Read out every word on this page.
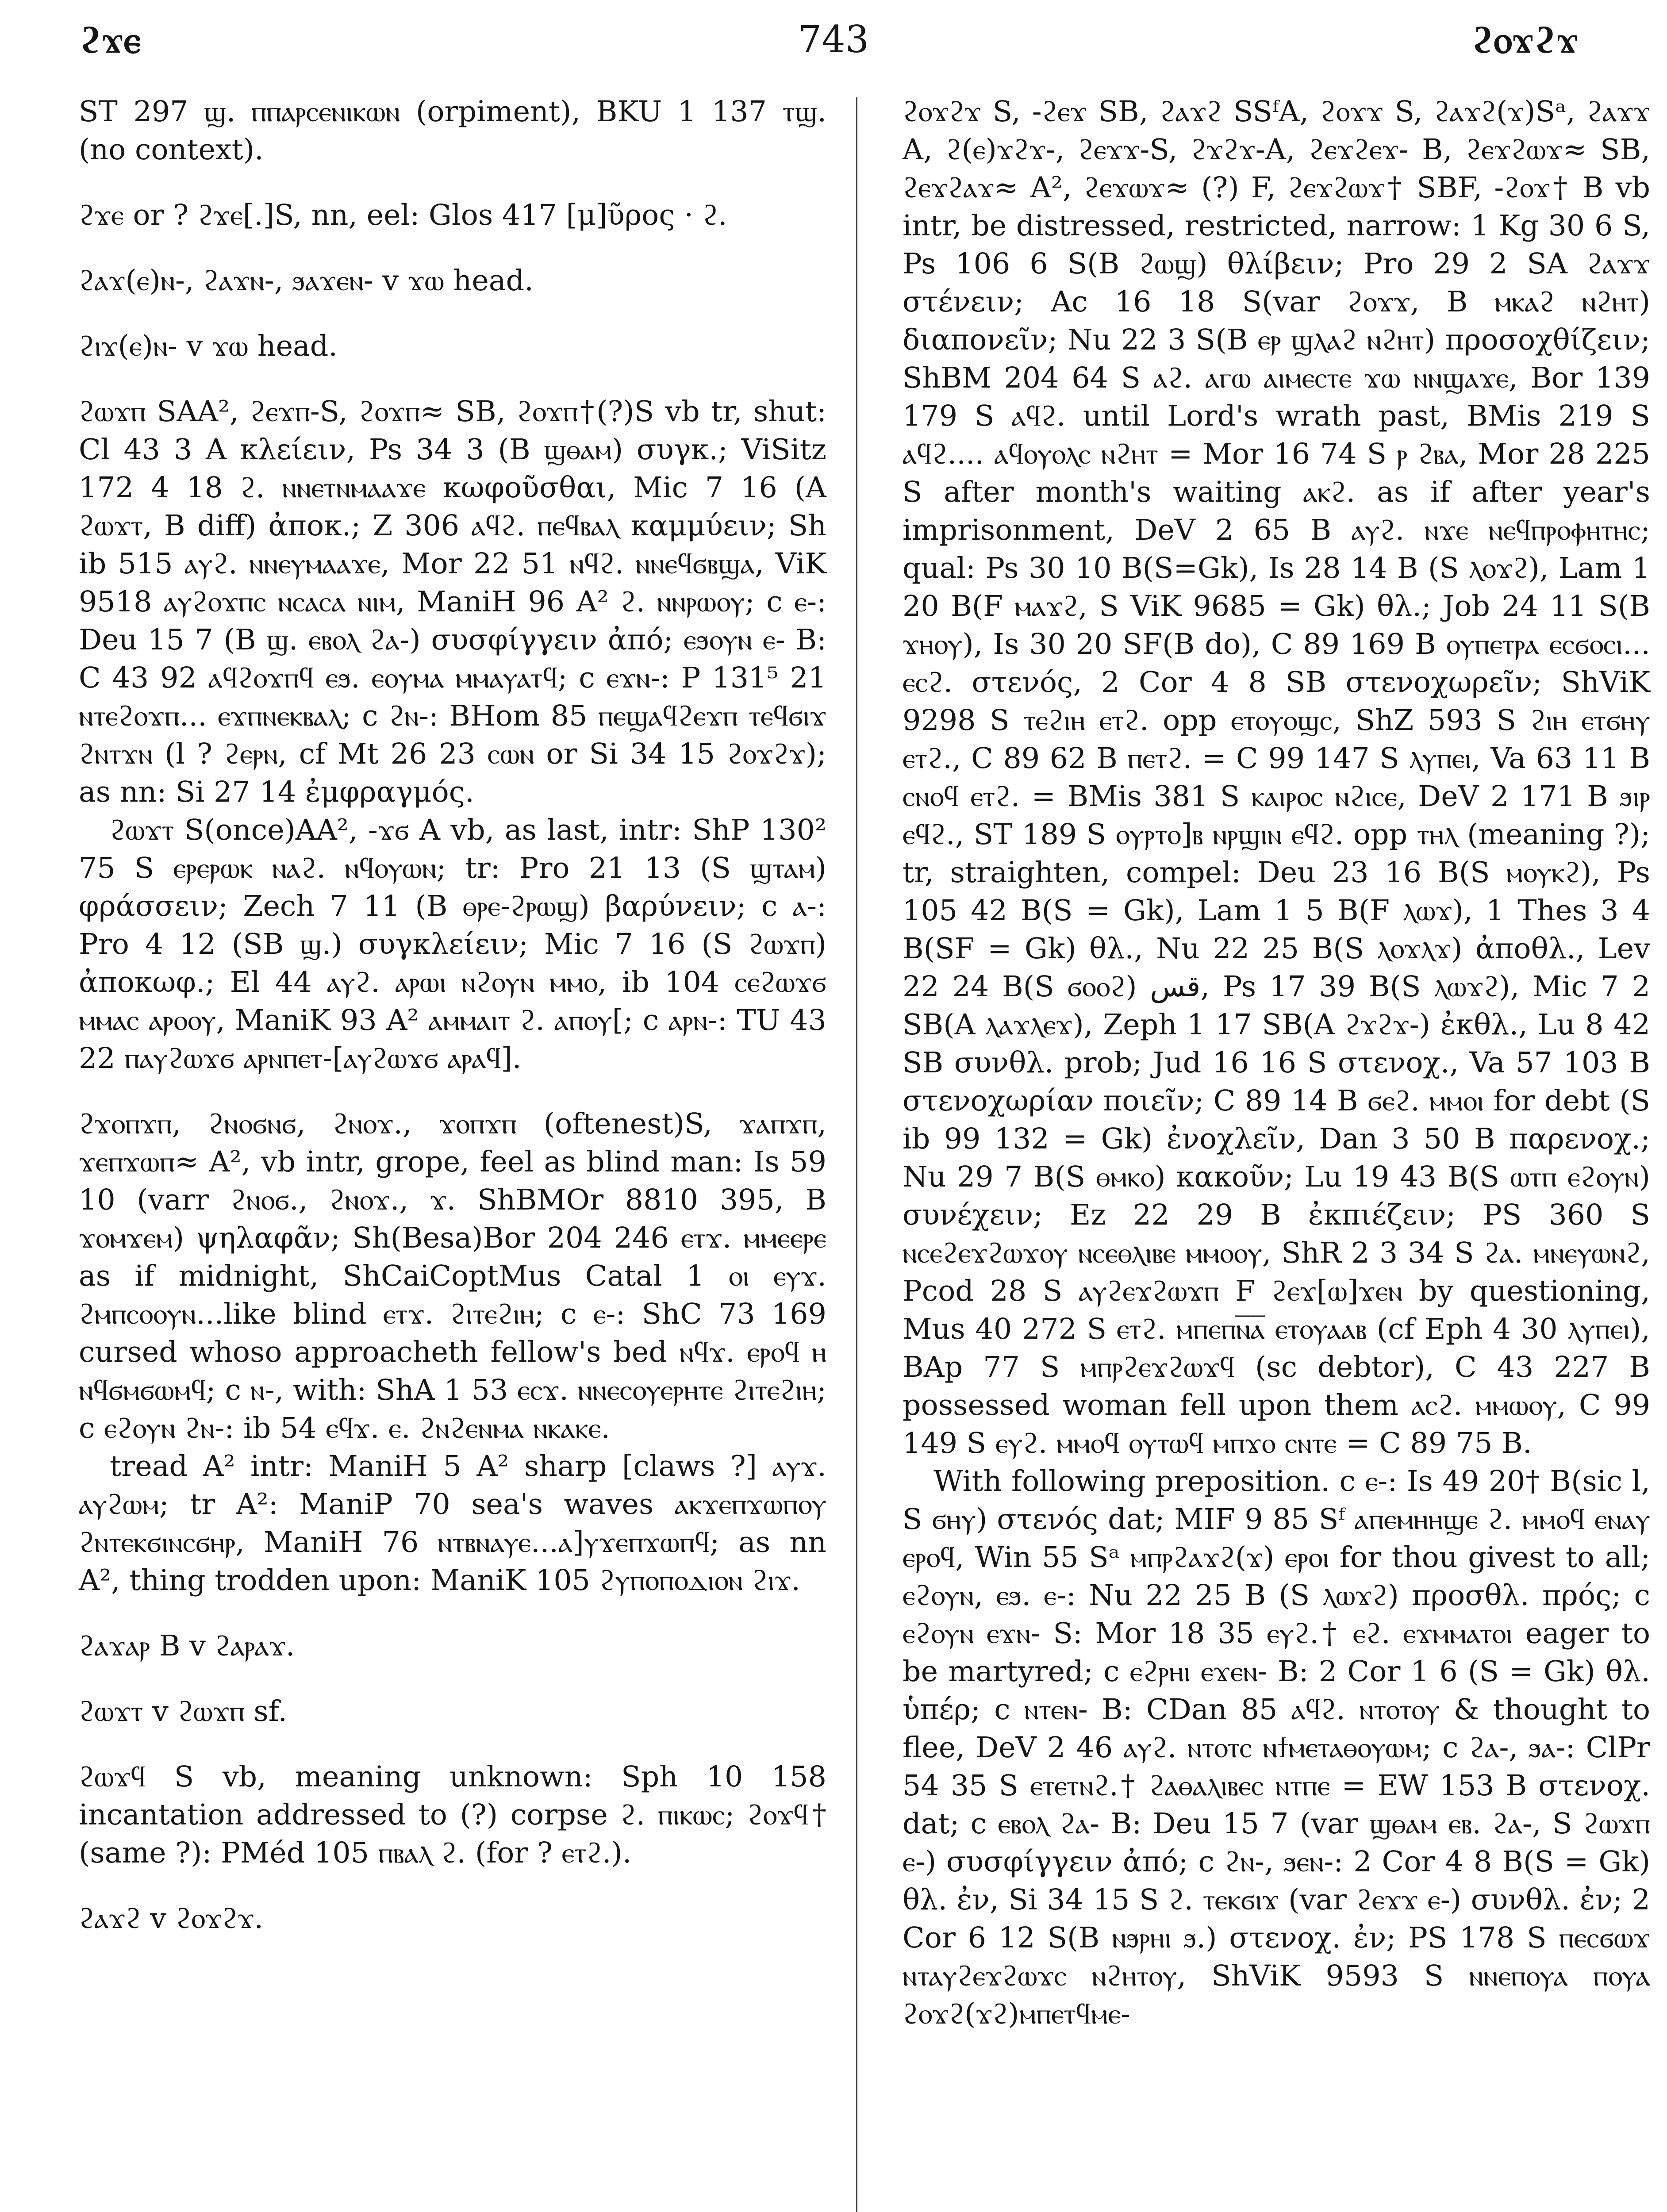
ϩϫⲉ	743	ϩⲟϫϩϫ

ST 297 ϣ. ⲡⲡⲁⲣⲥⲉⲛⲓⲕⲱⲛ (orpiment), BKU 1 137 ⲧϣ. (no context).

ϩϫⲉ or ? ϩϫⲉ[.]S, nn, eel: Glos 417 [μ]ῦρος · ϩ.

ϩⲁϫ(ⲉ)ⲛ-, ϩⲁϫⲛ-, ϧⲁϫⲉⲛ- v ϫⲱ head.

ϩⲓϫ(ⲉ)ⲛ- v ϫⲱ head.

ϩⲱϫⲡ SAA², ϩⲉϫⲡ-S, ϩⲟϫⲡ≈ SB, ϩⲟϫⲡ†(?)S vb tr, shut: Cl 43 3 A κλείειν, Ps 34 3 (B ϣⲑⲁⲙ) συγκ.; ViSitz 172 4 18 ϩ. ⲛⲛⲉⲧⲛⲙⲁⲁϫⲉ κωφοῦσθαι, Mic 7 16 (A ϩⲱϫⲧ, B diff) ἀποκ.; Z 306 ⲁϥϩ. ⲡⲉϥⲃⲁⲗ καμμύειν; Sh ib 515 ⲁⲩϩ. ⲛⲛⲉⲩⲙⲁⲁϫⲉ, Mor 22 51 ⲛϥϩ. ⲛⲛⲉϥϭⲃϣⲁ, ViK 9518 ⲁⲩϩⲟϫⲡⲥ ⲛⲥⲁⲥⲁ ⲛⲓⲙ, ManiH 96 A² ϩ. ⲛⲛⲣⲱⲟⲩ; c ⲉ-: Deu 15 7 (B ϣ. ⲉⲃⲟⲗ ϩⲁ-) συσφίγγειν ἀπό; ⲉϧⲟⲩⲛ ⲉ- B: C 43 92 ⲁϥϩⲟϫⲡϥ ⲉϧ. ⲉⲟⲩⲙⲁ ⲙⲙⲁⲩⲁⲧϥ; c ⲉϫⲛ-: P 131⁵ 21 ⲛⲧⲉϩⲟϫⲡ... ⲉϫⲡⲛⲉⲕⲃⲁⲗ; c ϩⲛ-: BHom 85 ⲡⲉϣⲁϥϩⲉϫⲡ ⲧⲉϥϭⲓϫ ϩⲛⲧϫⲛ (l ? ϩⲉⲣⲛ, cf Mt 26 23 ⲥⲱⲛ or Si 34 15 ϩⲟϫϩϫ); as nn: Si 27 14 ἐμφραγμός.

ϩⲱϫⲧ S(once)AA², -ϫϭ A vb, as last, intr: ShP 130² 75 S ⲉⲣⲉⲣⲱⲕ ⲛⲁϩ. ⲛϥⲟⲩⲱⲛ; tr: Pro 21 13 (S ϣⲧⲁⲙ) φράσσειν; Zech 7 11 (B ⲑⲣⲉ-ϩⲣⲱϣ) βαρύνειν; c ⲁ-: Pro 4 12 (SB ϣ.) συγκλείειν; Mic 7 16 (S ϩⲱϫⲡ) ἀποκωφ.; El 44 ⲁⲩϩ. ⲁⲣⲱⲓ ⲛϩⲟⲩⲛ ⲙⲙⲟ, ib 104 ⲥⲉϩⲱϫϭ ⲙⲙⲁⲥ ⲁⲣⲟⲟⲩ, ManiK 93 A² ⲁⲙⲙⲁⲓⲧ ϩ. ⲁⲡⲟⲩ[; c ⲁⲣⲛ-: TU 43 22 ⲡⲁⲩϩⲱϫϭ ⲁⲣⲛⲡⲉⲧ-[ⲁⲩϩⲱϫϭ ⲁⲣⲁϥ].

ϩϫⲟⲡϫⲡ, ϩⲛⲟϭⲛϭ, ϩⲛⲟϫ., ϫⲟⲡϫⲡ (oftenest)S, ϫⲁⲡϫⲡ, ϫⲉⲡϫⲱⲡ≈ A², vb intr, grope, feel as blind man: Is 59 10 (varr ϩⲛⲟϭ., ϩⲛⲟϫ., ϫ. ShBMOr 8810 395, B ϫⲟⲙϫⲉⲙ) ψηλαφᾶν; Sh(Besa)Bor 204 246 ⲉⲧϫ. ⲙⲙⲉⲉⲣⲉ as if midnight, ShCaiCoptMus Catal 1 ⲟⲓ ⲉⲩϫ. ϩⲙⲡⲥⲟⲟⲩⲛ...like blind ⲉⲧϫ. ϩⲓⲧⲉϩⲓⲏ; c ⲉ-: ShC 73 169 cursed whoso approacheth fellow's bed ⲛϥϫ. ⲉⲣⲟϥ ⲏ ⲛϥϭⲙϭⲱⲙϥ; c ⲛ-, with: ShA 1 53 ⲉⲥϫ. ⲛⲛⲉⲥⲟⲩⲉⲣⲏⲧⲉ ϩⲓⲧⲉϩⲓⲏ; c ⲉϩⲟⲩⲛ ϩⲛ-: ib 54 ⲉϥϫ. ⲉ. ϩⲛϩⲉⲛⲙⲁ ⲛⲕⲁⲕⲉ.

tread A² intr: ManiH 5 A² sharp [claws ?] ⲁⲩϫ. ⲁⲩϩⲱⲙ; tr A²: ManiP 70 sea's waves ⲁⲕϫⲉⲡϫⲱⲡⲟⲩ ϩⲛⲧⲉⲕϭⲓⲛⲥϭⲏⲣ, ManiH 76 ⲛⲧⲃⲛⲁⲩⲉ...ⲁ]ⲩϫⲉⲡϫⲱⲡϥ; as nn A², thing trodden upon: ManiK 105 ϩⲩⲡⲟⲡⲟⲇⲓⲟⲛ ϩⲓϫ.

ϩⲁϫⲁⲣ B v ϩⲁⲣⲁϫ.

ϩⲱϫⲧ v ϩⲱϫⲡ sf.

ϩⲱϫϥ S vb, meaning unknown: Sph 10 158 incantation addressed to (?) corpse ϩ. ⲡⲓⲕⲱⲥ; ϩⲟϫϥ† (same ?): PMéd 105 ⲡⲃⲁⲗ ϩ. (for ? ⲉⲧϩ.).

ϩⲁϫϩ v ϩⲟϫϩϫ.

ϩⲟϫϩϫ S, -ϩⲉϫ SB, ϩⲁϫϩ SSᶠA, ϩⲟϫϫ S, ϩⲁϫϩ(ϫ)Sᵃ, ϩⲁϫϫ A, ϩ(ⲉ)ϫϩϫ-, ϩⲉϫϫ-S, ϩϫϩϫ-A, ϩⲉϫϩⲉϫ- B, ϩⲉϫϩⲱϫ≈ SB, ϩⲉϫϩⲁϫ≈ A², ϩⲉϫⲱϫ≈ (?) F, ϩⲉϫϩⲱϫ† SBF, -ϩⲟϫ† B vb intr, be distressed, restricted, narrow: 1 Kg 30 6 S, Ps 106 6 S(B ϩⲱϣ) θλίβειν; Pro 29 2 SA ϩⲁϫϫ στένειν; Ac 16 18 S(var ϩⲟϫϫ, B ⲙⲕⲁϩ ⲛϩⲏⲧ) διαπονεῖν; Nu 22 3 S(B ⲉⲣ ϣⲗⲁϩ ⲛϩⲏⲧ) προσοχθίζειν; ShBM 204 64 S ⲁϩ. ⲁⲅⲱ ⲁⲓⲙⲉⲥⲧⲉ ϫⲱ ⲛⲛϣⲁϫⲉ, Bor 139 179 S ⲁϥϩ. until Lord's wrath past, BMis 219 S ⲁϥϩ.... ⲁϥⲟⲩⲟⲗⲥ ⲛϩⲏⲧ = Mor 16 74 S ⲣ ϩⲃⲁ, Mor 28 225 S after month's waiting ⲁⲕϩ. as if after year's imprisonment, DeV 2 65 B ⲁⲩϩ. ⲛϫⲉ ⲛⲉϥⲡⲣⲟⲫⲏⲧⲏⲥ; qual: Ps 30 10 B(S=Gk), Is 28 14 B (S ⲗⲟϫϩ), Lam 1 20 B(F ⲙⲁϫϩ, S ViK 9685 = Gk) θλ.; Job 24 11 S(B ϫⲏⲟⲩ), Is 30 20 SF(B do), C 89 169 B ⲟⲩⲡⲉⲧⲣⲁ ⲉⲥϭⲟⲥⲓ... ⲉⲥϩ. στενός, 2 Cor 4 8 SB στενοχωρεῖν; ShViK 9298 S ⲧⲉϩⲓⲏ ⲉⲧϩ. opp ⲉⲧⲟⲩⲟϣⲥ, ShZ 593 S ϩⲓⲏ ⲉⲧϭⲏⲩ ⲉⲧϩ., C 89 62 B ⲡⲉⲧϩ. = C 99 147 S ⲗⲩⲡⲉⲓ, Va 63 11 B ⲥⲛⲟϥ ⲉⲧϩ. = BMis 381 S ⲕⲁⲓⲣⲟⲥ ⲛϩⲓⲥⲉ, DeV 2 171 B ϧⲓⲣ ⲉϥϩ., ST 189 S ⲟⲩⲣⲧⲟ]ⲃ ⲛⲣϣⲓⲛ ⲉϥϩ. opp ⲧⲏⲗ (meaning ?); tr, straighten, compel: Deu 23 16 B(S ⲙⲟⲩⲕϩ), Ps 105 42 B(S = Gk), Lam 1 5 B(F ⲗⲱϫ), 1 Thes 3 4 B(SF = Gk) θλ., Nu 22 25 B(S ⲗⲟϫⲗϫ) ἀποθλ., Lev 22 24 B(S ϭⲟⲟϩ) قس, Ps 17 39 B(S ⲗⲱϫϩ), Mic 7 2 SB(A ⲗⲁϫⲗⲉϫ), Zeph 1 17 SB(A ϩϫϩϫ-) ἐκθλ., Lu 8 42 SB συνθλ. prob; Jud 16 16 S στενοχ., Va 57 103 B στενοχωρίαν ποιεῖν; C 89 14 B ϭⲉϩ. ⲙⲙⲟⲓ for debt (S ib 99 132 = Gk) ἐνοχλεῖν, Dan 3 50 B παρενοχ.; Nu 29 7 B(S ⲑⲙⲕⲟ) κακοῦν; Lu 19 43 B(S ⲱⲧⲡ ⲉϩⲟⲩⲛ) συνέχειν; Ez 22 29 B ἐκπιέζειν; PS 360 S ⲛⲥⲉϩⲉϫϩⲱϫⲟⲩ ⲛⲥⲉⲑⲗⲓⲃⲉ ⲙⲙⲟⲟⲩ, ShR 2 3 34 S ϩⲁ. ⲙⲛⲉⲩⲱⲛϩ, Pcod 28 S ⲁⲩϩⲉϫϩⲱϫⲡ F ϩⲉϫ[ⲱ]ϫⲉⲛ by questioning, Mus 40 272 S ⲉⲧϩ. ⲙⲡⲉⲡⲛ̅ⲁ̅ ⲉⲧⲟⲩⲁⲁⲃ (cf Eph 4 30 ⲗⲩⲡⲉⲓ), BAp 77 S ⲙⲡⲣϩⲉϫϩⲱϫϥ (sc debtor), C 43 227 B possessed woman fell upon them ⲁⲥϩ. ⲙⲙⲱⲟⲩ, C 99 149 S ⲉⲩϩ. ⲙⲙⲟϥ ⲟⲩⲧⲱϥ ⲙⲡϫⲟ ⲥⲛⲧⲉ = C 89 75 B.

With following preposition. c ⲉ-: Is 49 20† B(sic l, S ϭⲏⲩ) στενός dat; MIF 9 85 Sᶠ ⲁⲡⲉⲙⲏⲏϣⲉ ϩ. ⲙⲙⲟϥ ⲉⲛⲁⲩ ⲉⲣⲟϥ, Win 55 Sᵃ ⲙⲡⲣϩⲁϫϩ(ϫ) ⲉⲣⲟⲓ for thou givest to all; ⲉϩⲟⲩⲛ, ⲉϧ. ⲉ-: Nu 22 25 B (S ⲗⲱϫϩ) προσθλ. πρός; c ⲉϩⲟⲩⲛ ⲉϫⲛ- S: Mor 18 35 ⲉⲩϩ.† ⲉϩ. ⲉϫⲙⲙⲁⲧⲟⲓ eager to be martyred; c ⲉϩⲣⲏⲓ ⲉϫⲉⲛ- B: 2 Cor 1 6 (S = Gk) θλ. ὑπέρ; c ⲛⲧⲉⲛ- B: CDan 85 ⲁϥϩ. ⲛⲧⲟⲧⲟⲩ & thought to flee, DeV 2 46 ⲁⲩϩ. ⲛⲧⲟⲧⲥ ⲛϯⲙⲉⲧⲁⲑⲟⲩⲱⲙ; c ϩⲁ-, ϧⲁ-: ClPr 54 35 S ⲉⲧⲉⲧⲛϩ.† ϩⲁⲑⲁⲗⲓⲃⲉⲥ ⲛⲧⲡⲉ = EW 153 B στενοχ. dat; c ⲉⲃⲟⲗ ϩⲁ- B: Deu 15 7 (var ϣⲑⲁⲙ ⲉⲃ. ϩⲁ-, S ϩⲱϫⲡ ⲉ-) συσφίγγειν ἀπό; c ϩⲛ-, ϧⲉⲛ-: 2 Cor 4 8 B(S = Gk) θλ. ἐν, Si 34 15 S ϩ. ⲧⲉⲕϭⲓϫ (var ϩⲉϫϫ ⲉ-) συνθλ. ἐν; 2 Cor 6 12 S(B ⲛϧⲣⲏⲓ ϧ.) στενοχ. ἐν; PS 178 S ⲡⲉⲥϭⲱϫ ⲛⲧⲁⲩϩⲉϫϩⲱϫⲥ ⲛϩⲏⲧⲟⲩ, ShViK 9593 S ⲛⲛⲉⲡⲟⲩⲁ ⲡⲟⲩⲁ ϩⲟϫϩ(ϫϩ)ⲙⲡⲉⲧϥⲙⲉ-
